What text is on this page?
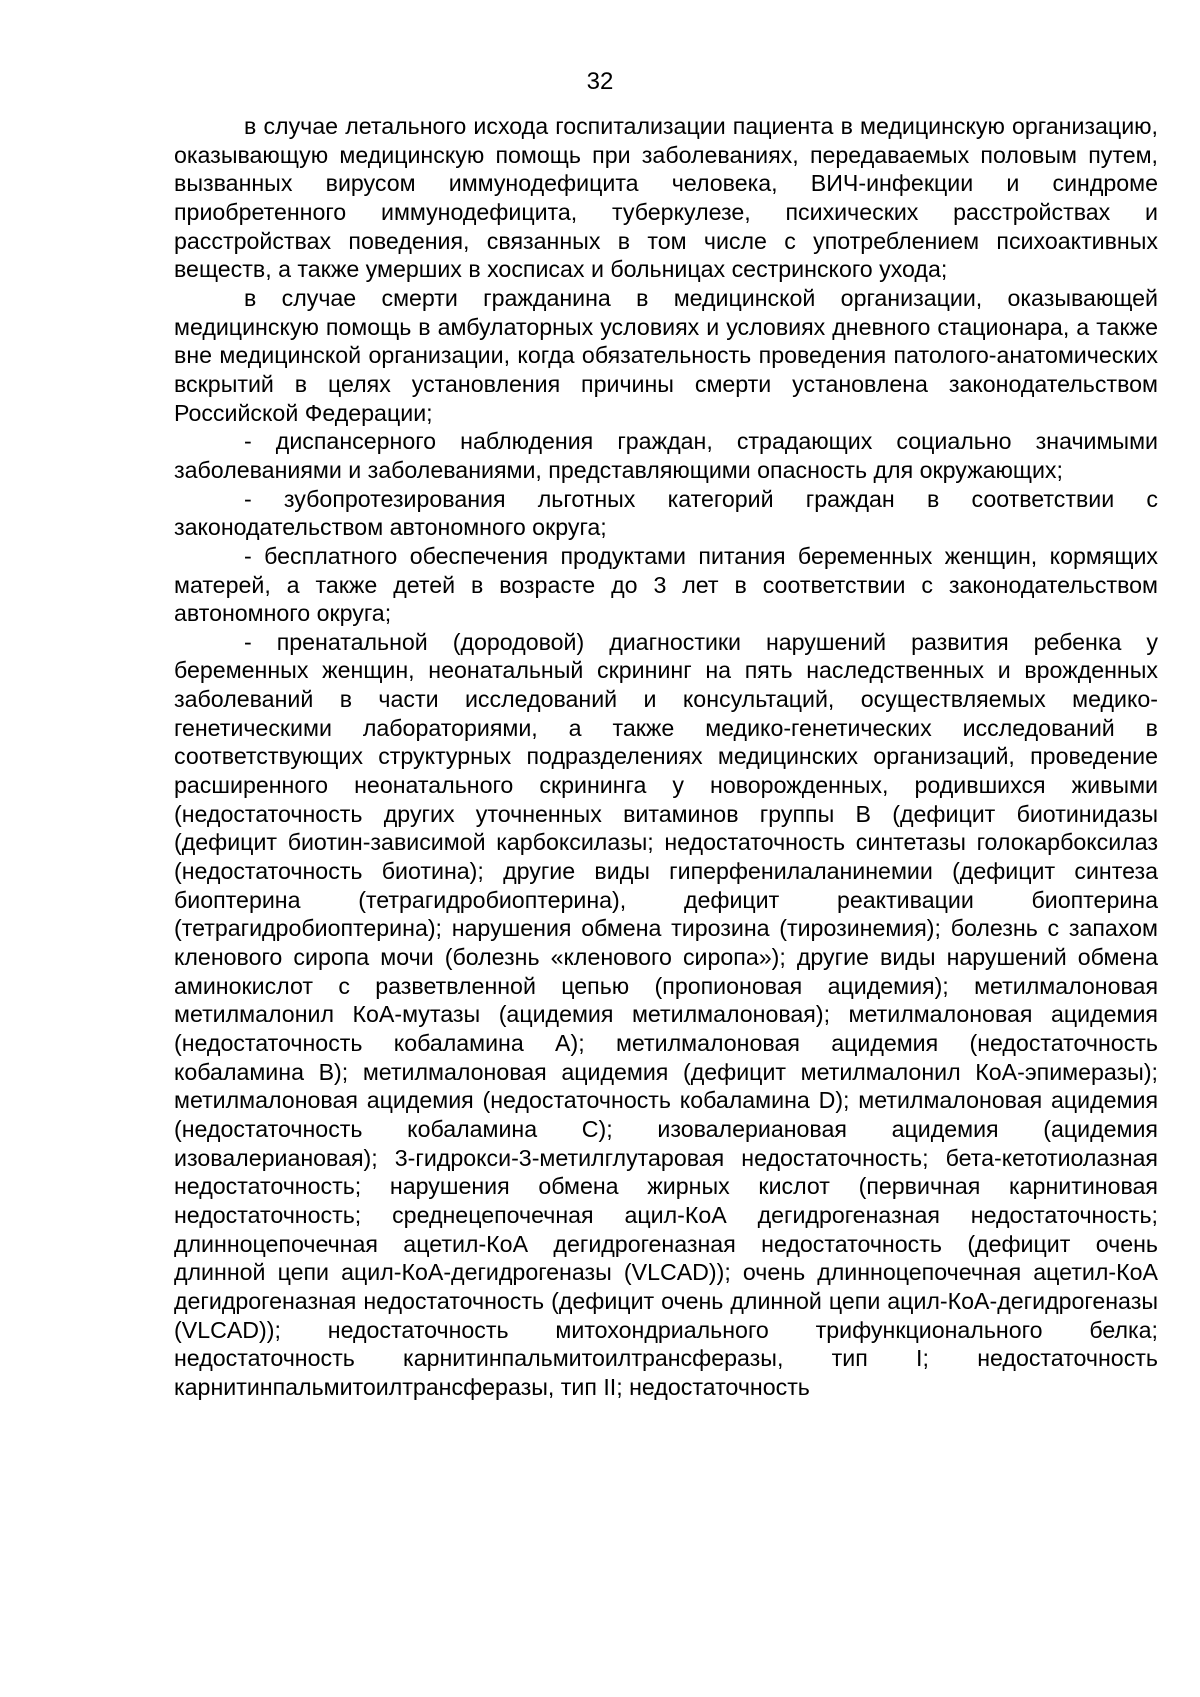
32

в случае летального исхода госпитализации пациента в медицинскую организацию, оказывающую медицинскую помощь при заболеваниях, передаваемых половым путем, вызванных вирусом иммунодефицита человека, ВИЧ-инфекции и синдроме приобретенного иммунодефицита, туберкулезе, психических расстройствах и расстройствах поведения, связанных в том числе с употреблением психоактивных веществ, а также умерших в хосписах и больницах сестринского ухода;

в случае смерти гражданина в медицинской организации, оказывающей медицинскую помощь в амбулаторных условиях и условиях дневного стационара, а также вне медицинской организации, когда обязательность проведения патолого-анатомических вскрытий в целях установления причины смерти установлена законодательством Российской Федерации;

- диспансерного наблюдения граждан, страдающих социально значимыми заболеваниями и заболеваниями, представляющими опасность для окружающих;

- зубопротезирования льготных категорий граждан в соответствии с законодательством автономного округа;

- бесплатного обеспечения продуктами питания беременных женщин, кормящих матерей, а также детей в возрасте до 3 лет в соответствии с законодательством автономного округа;

- пренатальной (дородовой) диагностики нарушений развития ребенка у беременных женщин, неонатальный скрининг на пять наследственных и врожденных заболеваний в части исследований и консультаций, осуществляемых медико-генетическими лабораториями, а также медико-генетических исследований в соответствующих структурных подразделениях медицинских организаций, проведение расширенного неонатального скрининга у новорожденных, родившихся живыми (недостаточность других уточненных витаминов группы B (дефицит биотинидазы (дефицит биотин-зависимой карбоксилазы; недостаточность синтетазы голокарбоксилаз (недостаточность биотина); другие виды гиперфенилаланинемии (дефицит синтеза биоптерина (тетрагидробиоптерина), дефицит реактивации биоптерина (тетрагидробиоптерина); нарушения обмена тирозина (тирозинемия); болезнь с запахом кленового сиропа мочи (болезнь «кленового сиропа»); другие виды нарушений обмена аминокислот с разветвленной цепью (пропионовая ацидемия); метилмалоновая метилмалонил КоА-мутазы (ацидемия метилмалоновая); метилмалоновая ацидемия (недостаточность кобаламина A); метилмалоновая ацидемия (недостаточность кобаламина B); метилмалоновая ацидемия (дефицит метилмалонил КоА-эпимеразы); метилмалоновая ацидемия (недостаточность кобаламина D); метилмалоновая ацидемия (недостаточность кобаламина C); изовалериановая ацидемия (ацидемия изовалериановая); 3-гидрокси-3-метилглутаровая недостаточность; бета-кетотиолазная недостаточность; нарушения обмена жирных кислот (первичная карнитиновая недостаточность; среднецепочечная ацил-КоА дегидрогеназная недостаточность; длинноцепочечная ацетил-КоА дегидрогеназная недостаточность (дефицит очень длинной цепи ацил-КоА-дегидрогеназы (VLCAD)); очень длинноцепочечная ацетил-КоА дегидрогеназная недостаточность (дефицит очень длинной цепи ацил-КоА-дегидрогеназы (VLCAD)); недостаточность митохондриального трифункционального белка; недостаточность карнитинпальмитоилтрансферазы, тип I; недостаточность карнитинпальмитоилтрансферазы, тип II; недостаточность
